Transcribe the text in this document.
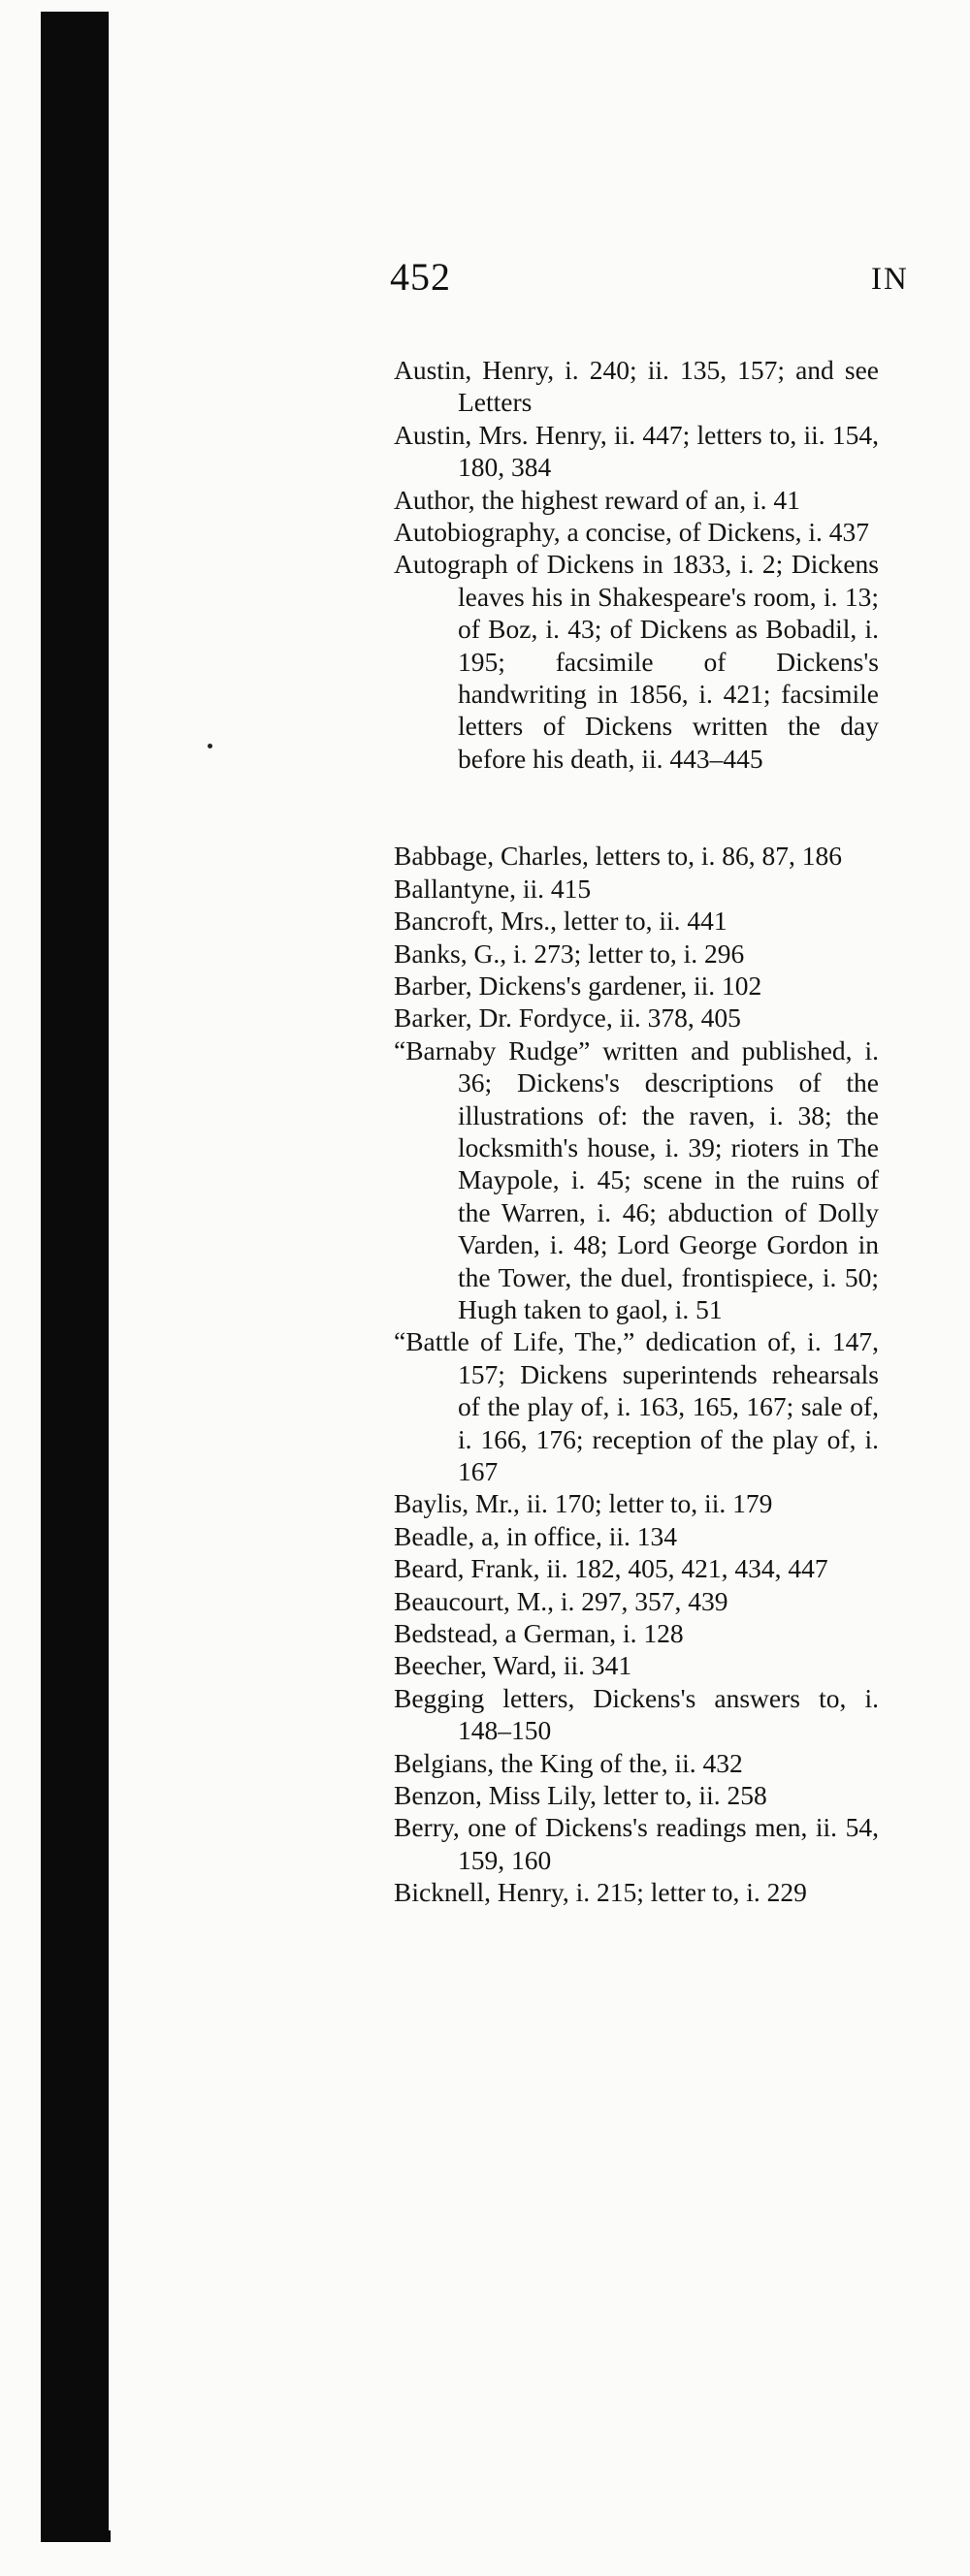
452	IN

Austin, Henry, i. 240; ii. 135, 157; and see Letters

Austin, Mrs. Henry, ii. 447; letters to, ii. 154, 180, 384

Author, the highest reward of an, i. 41

Autobiography, a concise, of Dickens, i. 437

Autograph of Dickens in 1833, i. 2; Dickens leaves his in Shakespeare's room, i. 13; of Boz, i. 43; of Dickens as Bobadil, i. 195; facsimile of Dickens's handwriting in 1856, i. 421; facsimile letters of Dickens written the day before his death, ii. 443–445

Babbage, Charles, letters to, i. 86, 87, 186

Ballantyne, ii. 415

Bancroft, Mrs., letter to, ii. 441

Banks, G., i. 273; letter to, i. 296

Barber, Dickens's gardener, ii. 102

Barker, Dr. Fordyce, ii. 378, 405

“Barnaby Rudge” written and published, i. 36; Dickens's descriptions of the illustrations of: the raven, i. 38; the locksmith's house, i. 39; rioters in The Maypole, i. 45; scene in the ruins of the Warren, i. 46; abduction of Dolly Varden, i. 48; Lord George Gordon in the Tower, the duel, frontispiece, i. 50; Hugh taken to gaol, i. 51

“Battle of Life, The,” dedication of, i. 147, 157; Dickens superintends rehearsals of the play of, i. 163, 165, 167; sale of, i. 166, 176; reception of the play of, i. 167

Baylis, Mr., ii. 170; letter to, ii. 179

Beadle, a, in office, ii. 134

Beard, Frank, ii. 182, 405, 421, 434, 447

Beaucourt, M., i. 297, 357, 439

Bedstead, a German, i. 128

Beecher, Ward, ii. 341

Begging letters, Dickens's answers to, i. 148–150

Belgians, the King of the, ii. 432

Benzon, Miss Lily, letter to, ii. 258

Berry, one of Dickens's readings men, ii. 54, 159, 160

Bicknell, Henry, i. 215; letter to, i. 229
